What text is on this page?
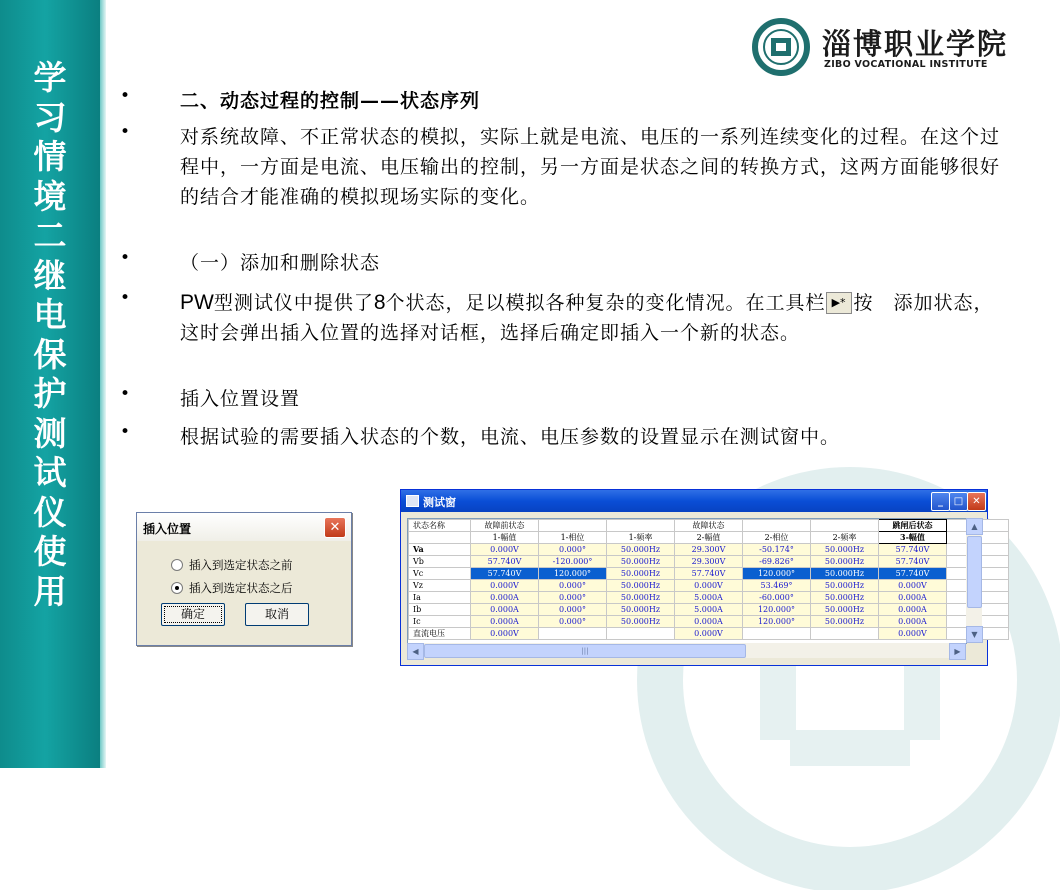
学
习
情
境
二
继
电
保
护
测
试
仪
使
用
淄博职业学院
ZIBO VOCATIONAL INSTITUTE
•	二、动态过程的控制——状态序列
•	对系统故障、不正常状态的模拟，实际上就是电流、电压的一系列连续变化的过程。在这个过程中，一方面是电流、电压输出的控制，另一方面是状态之间的转换方式，这两方面能够很好的结合才能准确的模拟现场实际的变化。
•	（一）添加和删除状态
• PW型测试仪中提供了8个状态，足以模拟各种复杂的变化情况。在工具栏 ▶* 按　添加状态，这时会弹出插入位置的选择对话框，选择后确定即插入一个新的状态。
•	插入位置设置
•	根据试验的需要插入状态的个数，电流、电压参数的设置显示在测试窗中。
插入位置	✕
插入到选定状态之前
插入到选定状态之后
确定	取消
测试窗	_	□ ✕
状态名称	故障前状态			故障状态			跳闸后状态	
	1-幅值	1-相位	1-频率	2-幅值	2-相位	2-频率	3-幅值	
Va	0.000V	0.000°	50.000Hz	29.300V	-50.174°	50.000Hz	57.740V	
Vb	57.740V	-120.000°	50.000Hz	29.300V	-69.826°	50.000Hz	57.740V	
Vc	57.740V	120.000°	50.000Hz	57.740V	120.000°	50.000Hz	57.740V	
Vz	0.000V	0.000°	50.000Hz	0.000V	53.469°	50.000Hz	0.000V	
Ia	0.000A	0.000°	50.000Hz	5.000A	-60.000°	50.000Hz	0.000A	
Ib	0.000A	0.000°	50.000Hz	5.000A	120.000°	50.000Hz	0.000A	
Ic	0.000A	0.000°	50.000Hz	0.000A	120.000°	50.000Hz	0.000A	
直流电压	0.000V			0.000V			0.000V	
▲
▼
◀	|||	▶
